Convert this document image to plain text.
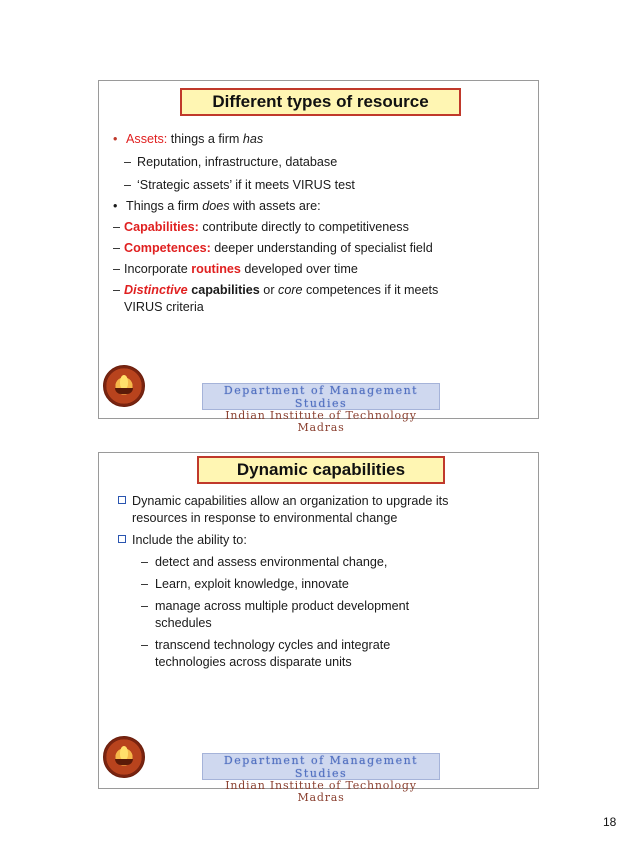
Different types of resource
• Assets: things a firm has
– Reputation, infrastructure, database
– ‘Strategic assets’ if it meets VIRUS test
• Things a firm does with assets are:
– Capabilities: contribute directly to competitiveness
– Competences: deeper understanding of specialist field
– Incorporate routines developed over time
– Distinctive capabilities or core competences if it meets
VIRUS criteria
Department of Management Studies
Indian Institute of Technology Madras
Dynamic capabilities
Dynamic capabilities allow an organization to upgrade its
resources in response to environmental change
Include the ability to:
– detect and assess environmental change,
– Learn, exploit knowledge, innovate
– manage across multiple product development
schedules
– transcend technology cycles and integrate
technologies across disparate units
Department of Management Studies
Indian Institute of Technology Madras
18
